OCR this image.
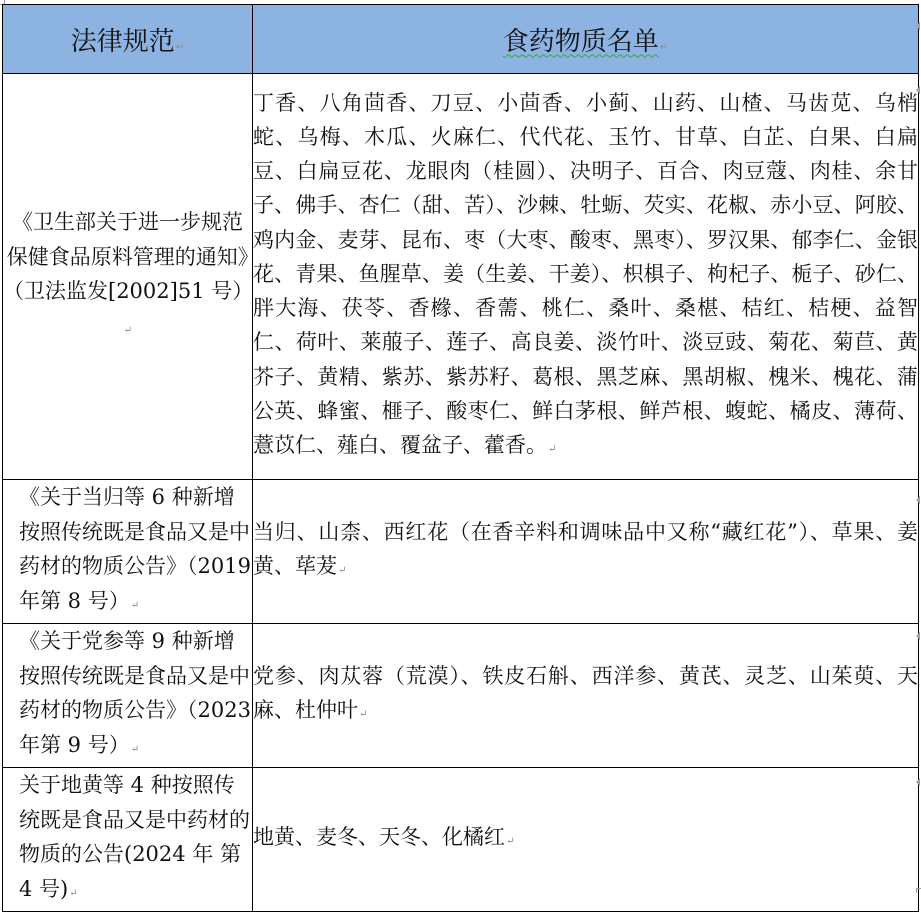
法律规范↵	食药物质名单↵
《卫生部关于进一步规范保健食品原料管理的通知》（卫法监发[2002]51 号）↵	丁香、八角茴香、刀豆、小茴香、小蓟、山药、山楂、马齿苋、乌梢蛇、乌梅、木瓜、火麻仁、代代花、玉竹、甘草、白芷、白果、白扁豆、白扁豆花、龙眼肉（桂圆）、决明子、百合、肉豆蔻、肉桂、余甘子、佛手、杏仁（甜、苦）、沙棘、牡蛎、芡实、花椒、赤小豆、阿胶、鸡内金、麦芽、昆布、枣（大枣、酸枣、黑枣）、罗汉果、郁李仁、金银花、青果、鱼腥草、姜（生姜、干姜）、枳椇子、枸杞子、栀子、砂仁、胖大海、茯苓、香橼、香薷、桃仁、桑叶、桑椹、桔红、桔梗、益智仁、荷叶、莱菔子、莲子、高良姜、淡竹叶、淡豆豉、菊花、菊苣、黄芥子、黄精、紫苏、紫苏籽、葛根、黑芝麻、黑胡椒、槐米、槐花、蒲公英、蜂蜜、榧子、酸枣仁、鲜白茅根、鲜芦根、蝮蛇、橘皮、薄荷、薏苡仁、薤白、覆盆子、藿香。↵
《关于当归等 6 种新增按照传统既是食品又是中药材的物质公告》（2019 年第 8 号）↵	当归、山柰、西红花（在香辛料和调味品中又称“藏红花”）、草果、姜黄、荜茇↵
《关于党参等 9 种新增按照传统既是食品又是中药材的物质公告》（2023 年第 9 号）↵	党参、肉苁蓉（荒漠）、铁皮石斛、西洋参、黄芪、灵芝、山茱萸、天麻、杜仲叶↵
关于地黄等 4 种按照传统既是食品又是中药材的物质的公告(2024 年 第 4 号)↵	地黄、麦冬、天冬、化橘红↵
